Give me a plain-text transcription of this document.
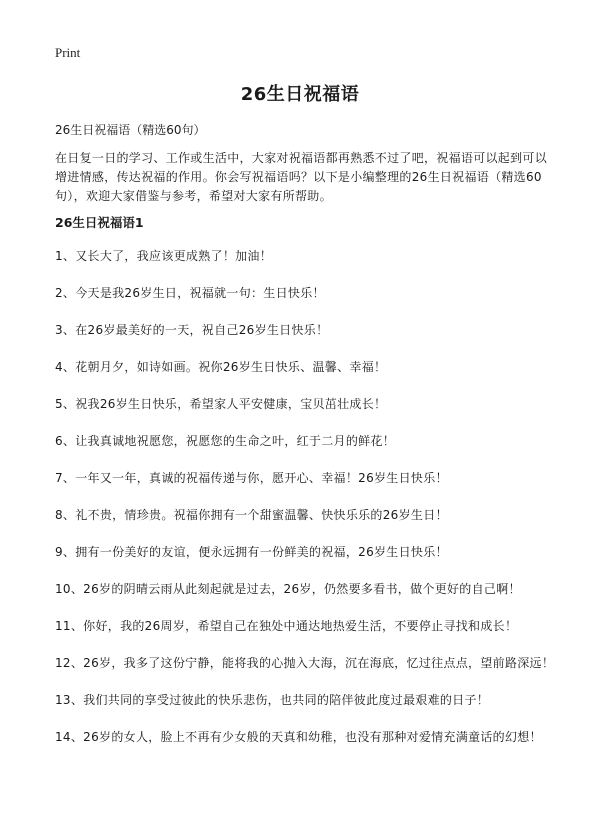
Print
26生日祝福语

26生日祝福语（精选60句）

在日复一日的学习、工作或生活中，大家对祝福语都再熟悉不过了吧，祝福语可以起到可以增进情感，传达祝福的作用。你会写祝福语吗？以下是小编整理的26生日祝福语（精选60句），欢迎大家借鉴与参考，希望对大家有所帮助。

26生日祝福语1
1、又长大了，我应该更成熟了！加油！
2、今天是我26岁生日，祝福就一句：生日快乐！
3、在26岁最美好的一天，祝自己26岁生日快乐！
4、花朝月夕，如诗如画。祝你26岁生日快乐、温馨、幸福！
5、祝我26岁生日快乐，希望家人平安健康，宝贝茁壮成长！
6、让我真诚地祝愿您，祝愿您的生命之叶，红于二月的鲜花！
7、一年又一年，真诚的祝福传递与你，愿开心、幸福！26岁生日快乐！
8、礼不贵，情珍贵。祝福你拥有一个甜蜜温馨、快快乐乐的26岁生日！
9、拥有一份美好的友谊，便永远拥有一份鲜美的祝福，26岁生日快乐！
10、26岁的阴晴云雨从此刻起就是过去，26岁，仍然要多看书，做个更好的自己啊！
11、你好，我的26周岁，希望自己在独处中通达地热爱生活，不要停止寻找和成长！
12、26岁，我多了这份宁静，能将我的心抛入大海，沉在海底，忆过往点点，望前路深远！
13、我们共同的享受过彼此的快乐悲伤，也共同的陪伴彼此度过最艰难的日子！
14、26岁的女人，脸上不再有少女般的天真和幼稚，也没有那种对爱情充满童话的幻想！
